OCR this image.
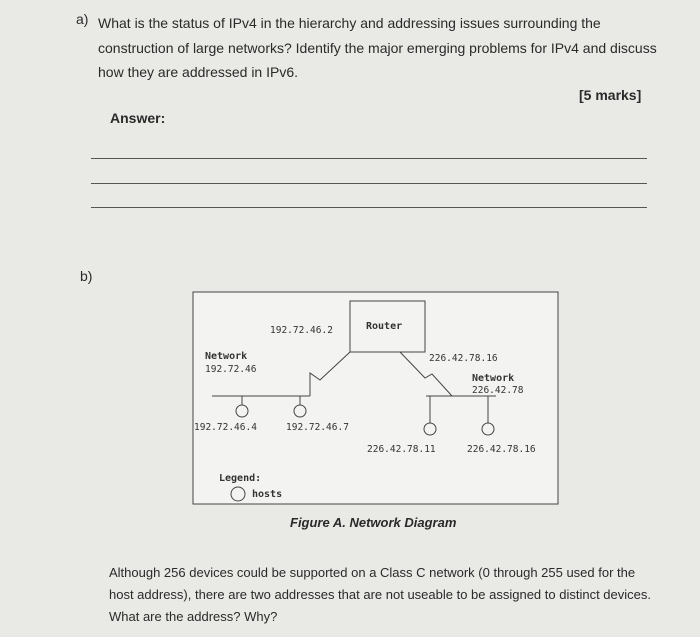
a) What is the status of IPv4 in the hierarchy and addressing issues surrounding the construction of large networks? Identify the major emerging problems for IPv4 and discuss how they are addressed in IPv6.
[5 marks]
Answer:
b)
Router
192.72.46.2
226.42.78.16
Network
192.72.46
Network
226.42.78
192.72.46.4	192.72.46.7
226.42.78.11	226.42.78.16
Legend:
hosts
Figure A. Network Diagram
Although 256 devices could be supported on a Class C network (0 through 255 used for the host address), there are two addresses that are not useable to be assigned to distinct devices. What are the address? Why?
